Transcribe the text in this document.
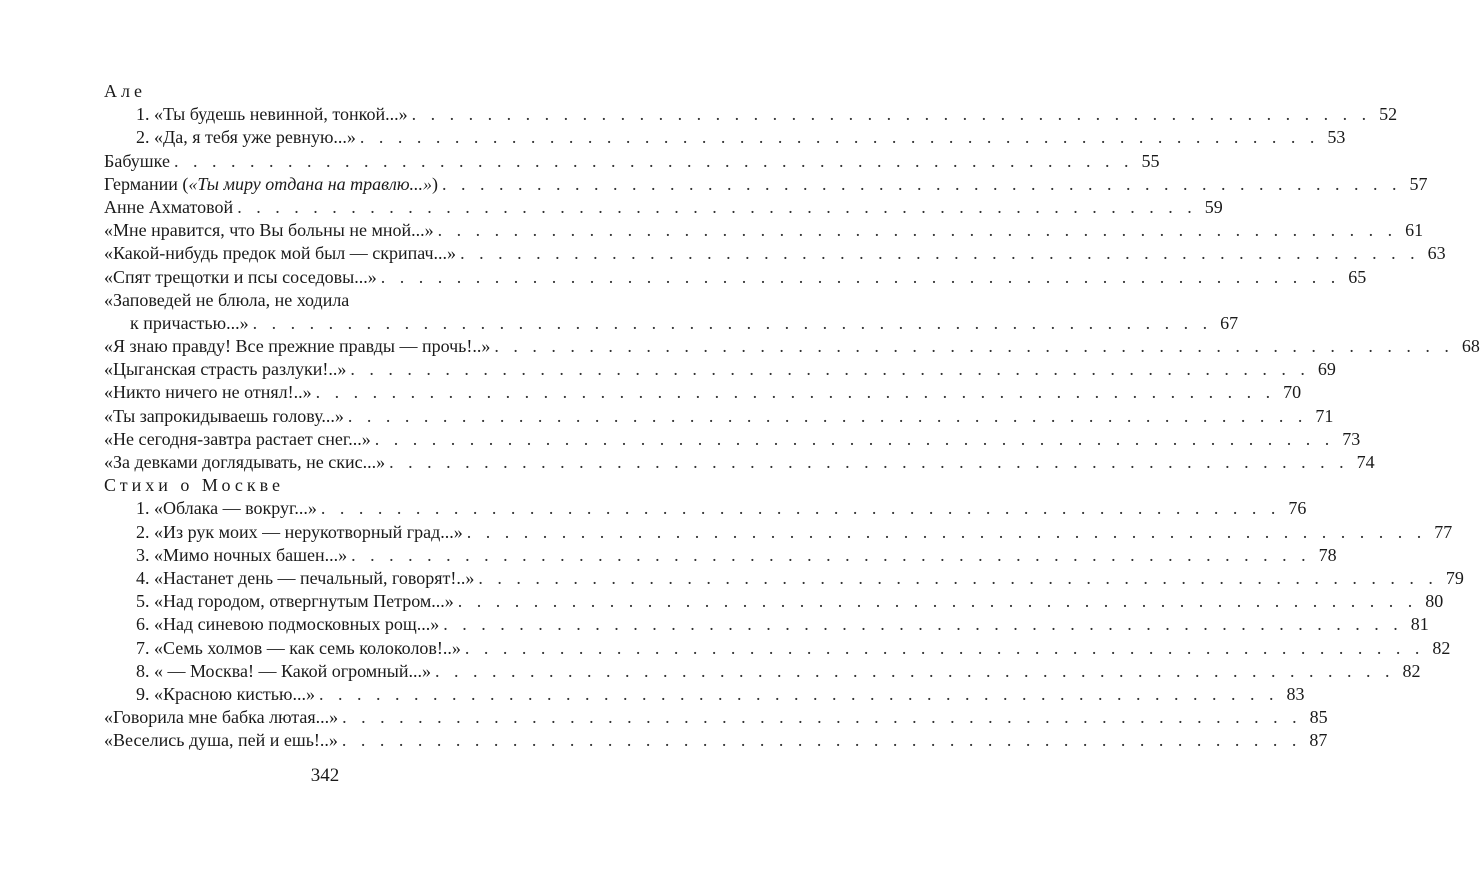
Але
1. «Ты будешь невинной, тонкой...» . . .	52
2. «Да, я тебя уже ревную...» . . .	53
Бабушке . . .	55
Германии («Ты миру отдана на травлю...») . . .	57
Анне Ахматовой . . .	59
«Мне нравится, что Вы больны не мной...» . . .	61
«Какой-нибудь предок мой был — скрипач...» . . .	63
«Спят трещотки и псы соседовы...» . . .	65
«Заповедей не блюла, не ходила
к причастью...» . . .	67
«Я знаю правду! Все прежние правды — прочь!..» . . .	68
«Цыганская страсть разлуки!..» . . .	69
«Никто ничего не отнял!..» . . .	70
«Ты запрокидываешь голову...» . . .	71
«Не сегодня-завтра растает снег...» . . .	73
«За девками доглядывать, не скис...» . . .	74
Стихи о Москве
1. «Облака — вокруг...» . . .	76
2. «Из рук моих — нерукотворный град...» . . .	77
3. «Мимо ночных башен...» . . .	78
4. «Настанет день — печальный, говорят!..» . . .	79
5. «Над городом, отвергнутым Петром...» . . .	80
6. «Над синевою подмосковных рощ...» . . .	81
7. «Семь холмов — как семь колоколов!..» . . .	82
8. « — Москва! — Какой огромный...» . . .	82
9. «Красною кистью...» . . .	83
«Говорила мне бабка лютая...» . . .	85
«Веселись душа, пей и ешь!..» . . .	87
342
